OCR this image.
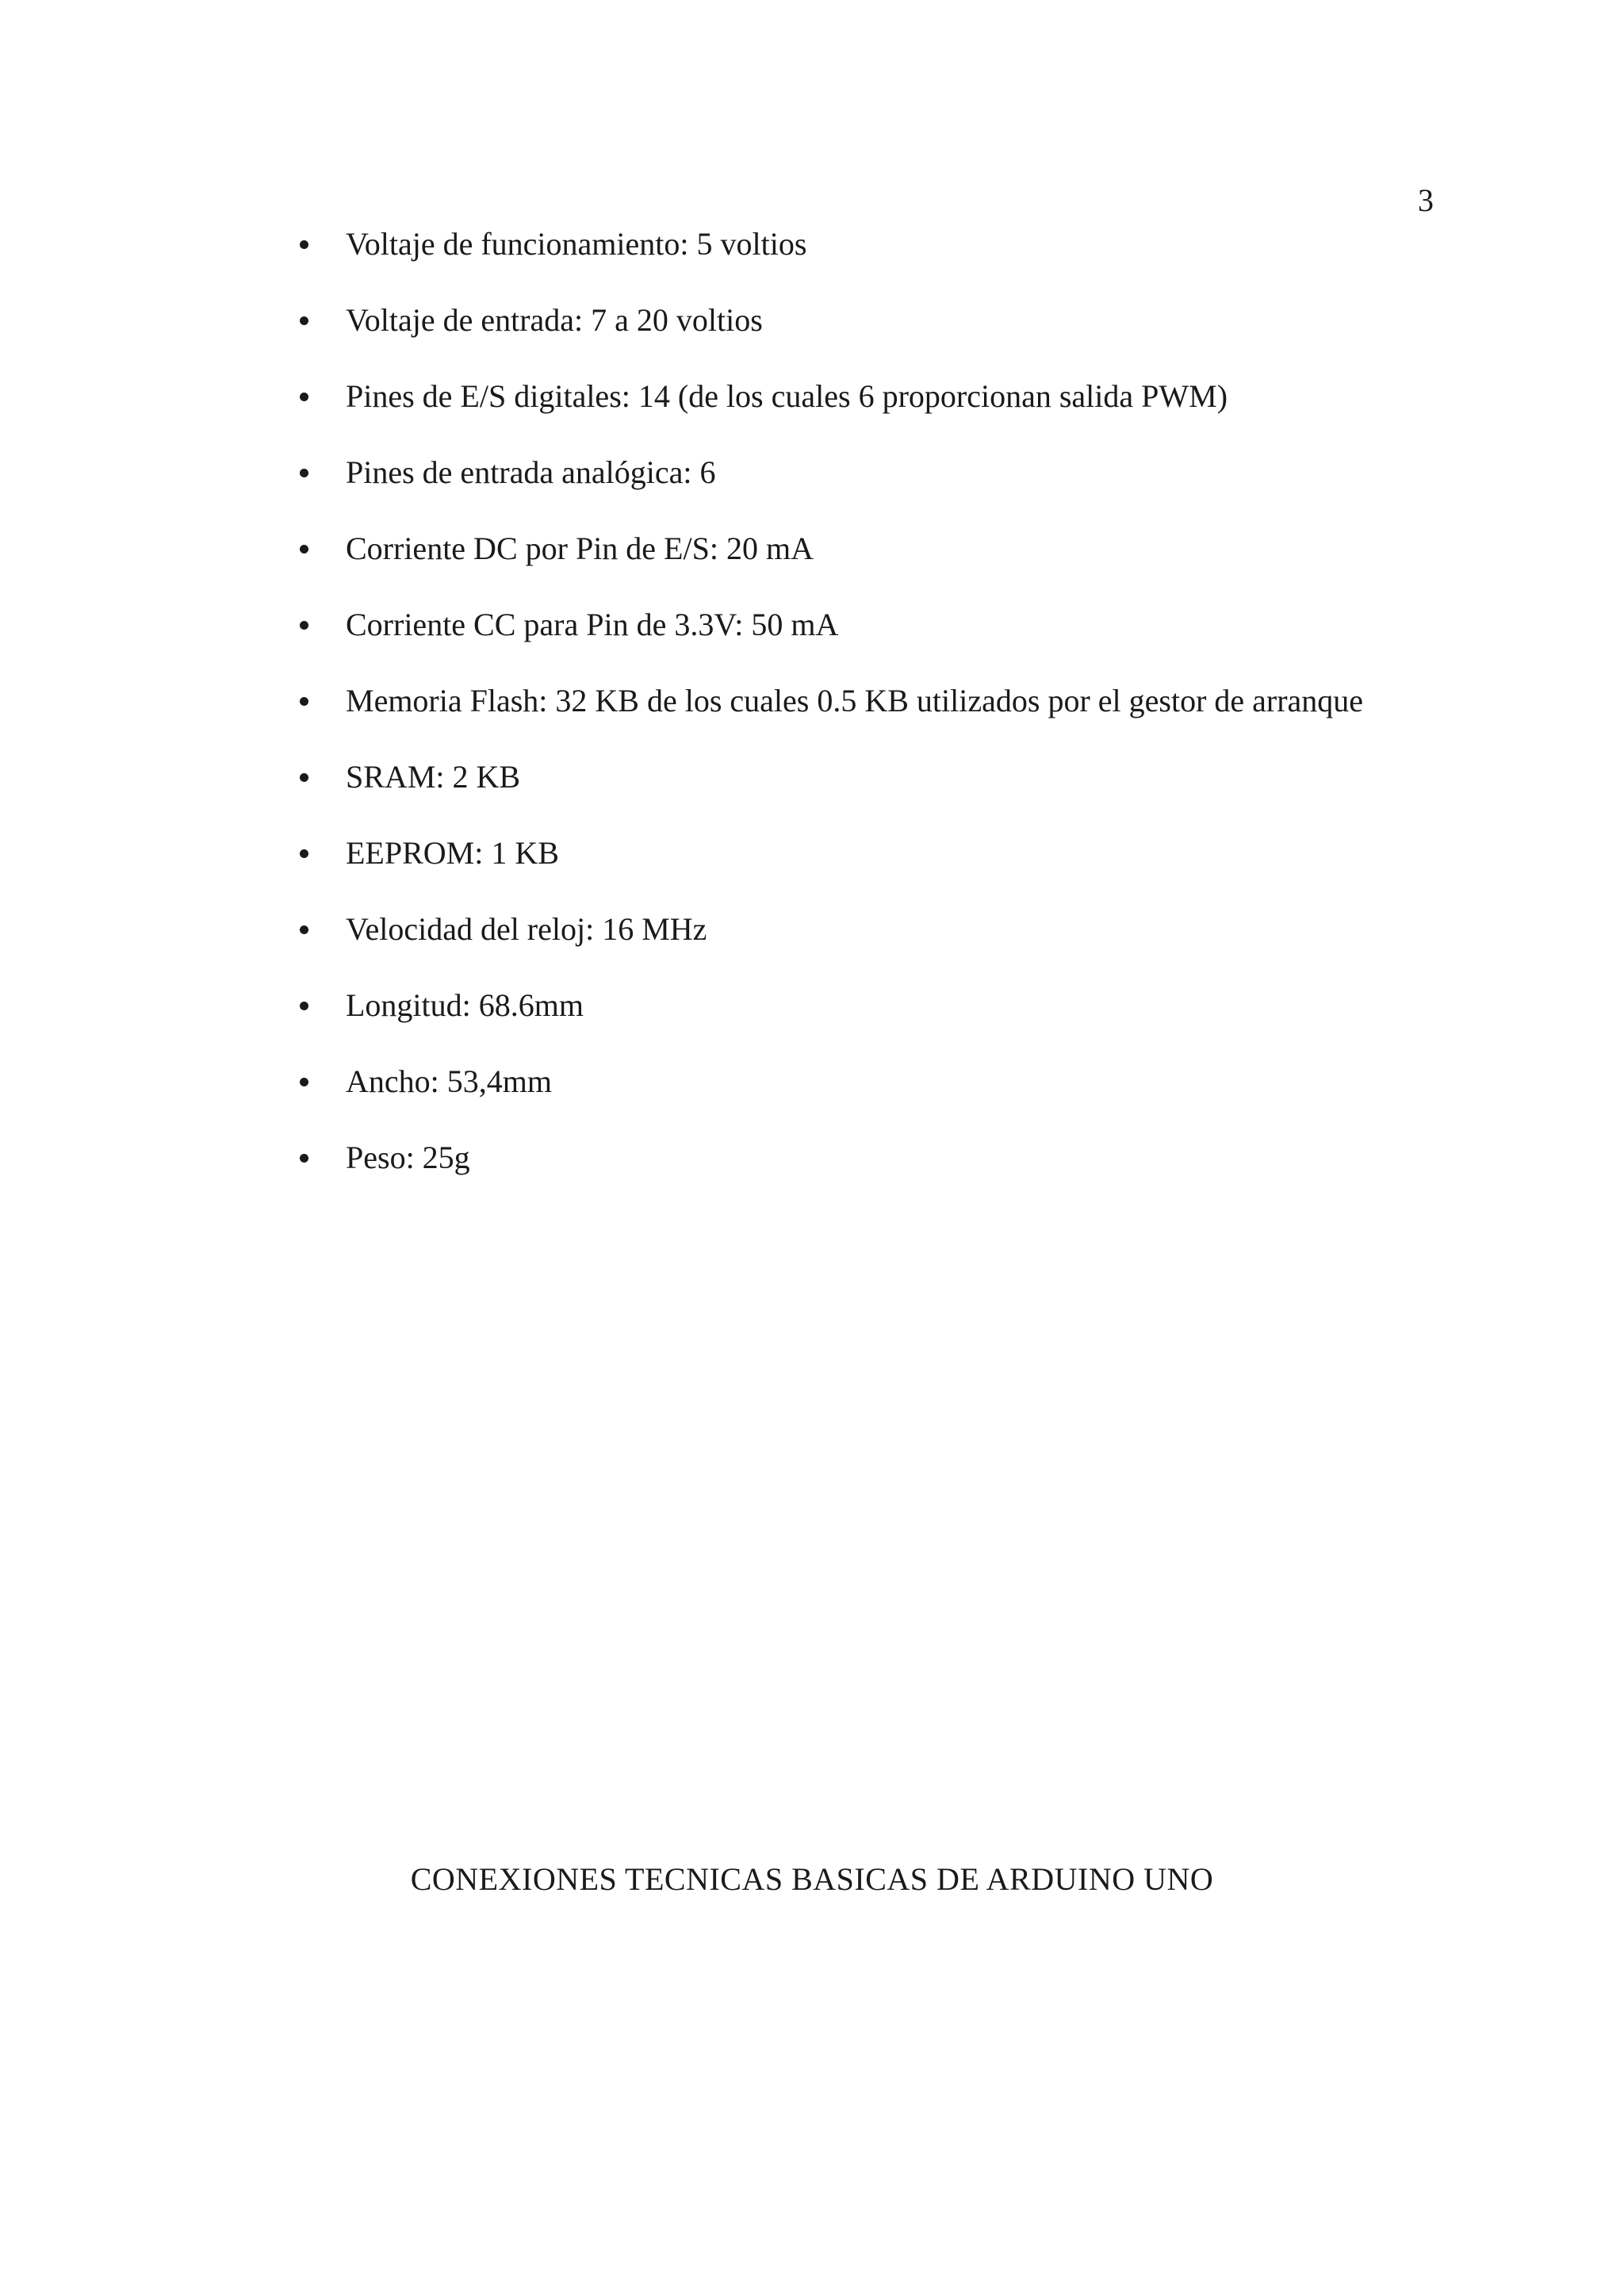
3
Voltaje de funcionamiento: 5 voltios
Voltaje de entrada: 7 a 20 voltios
Pines de E/S digitales: 14 (de los cuales 6 proporcionan salida PWM)
Pines de entrada analógica: 6
Corriente DC por Pin de E/S: 20 mA
Corriente CC para Pin de 3.3V: 50 mA
Memoria Flash: 32 KB de los cuales 0.5 KB utilizados por el gestor de arranque
SRAM: 2 KB
EEPROM: 1 KB
Velocidad del reloj: 16 MHz
Longitud: 68.6mm
Ancho: 53,4mm
Peso: 25g
CONEXIONES TECNICAS BASICAS DE ARDUINO UNO
